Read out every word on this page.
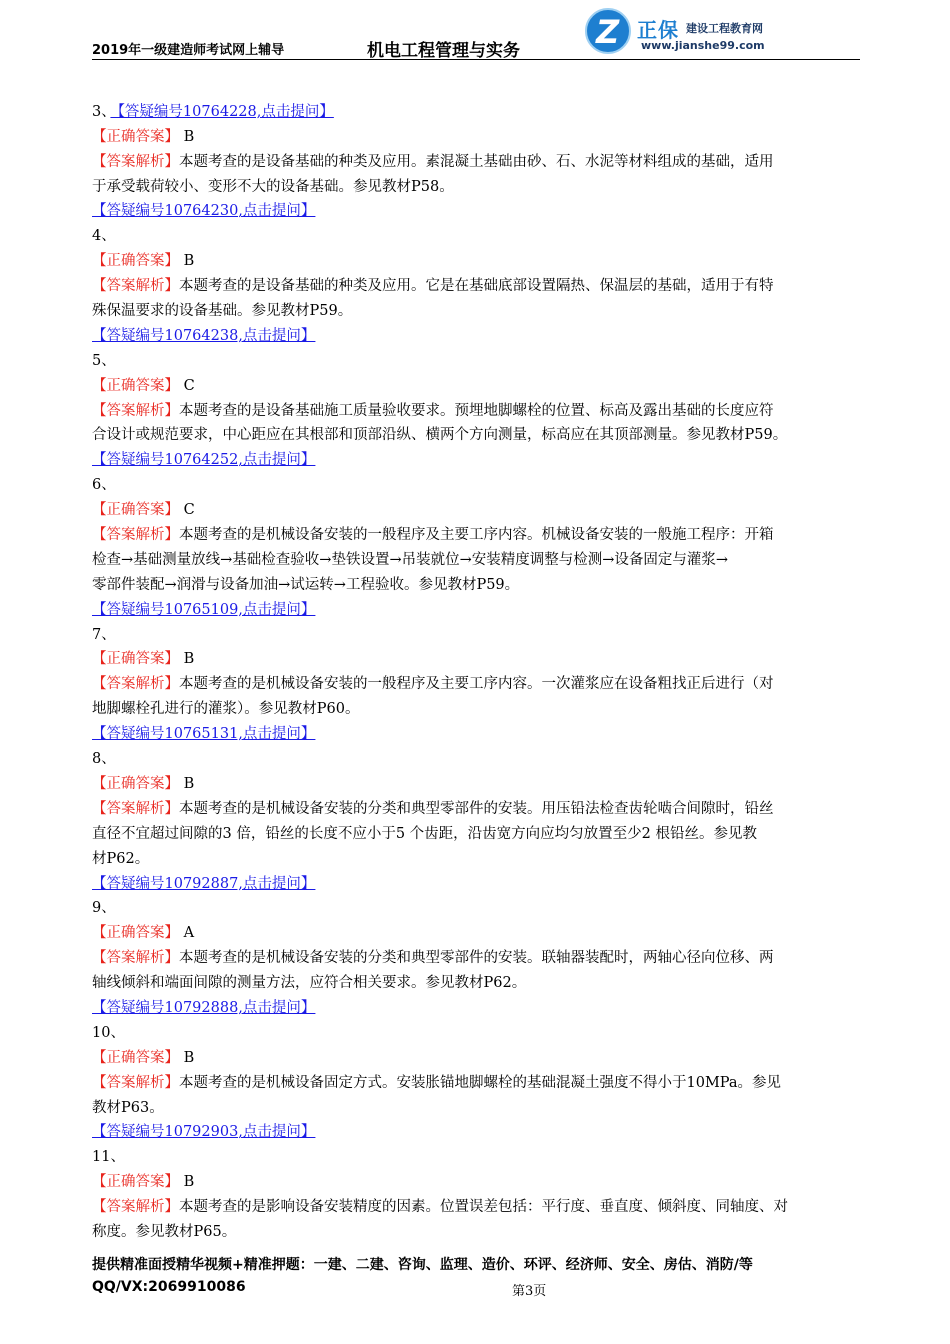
2019年一级建造师考试网上辅导	机电工程管理与实务 Z 正保 建设工程教育网
www.jianshe99.com

【答疑编号10764228,点击提问】

3、
【正确答案】 B
【答案解析】本题考查的是设备基础的种类及应用。素混凝土基础由砂、石、水泥等材料组成的基础，适用
于承受载荷较小、变形不大的设备基础。参见教材P58。
【答疑编号10764230,点击提问】
4、
【正确答案】 B
【答案解析】本题考查的是设备基础的种类及应用。它是在基础底部设置隔热、保温层的基础，适用于有特
殊保温要求的设备基础。参见教材P59。
【答疑编号10764238,点击提问】
5、
【正确答案】 C
【答案解析】本题考查的是设备基础施工质量验收要求。预埋地脚螺栓的位置、标高及露出基础的长度应符
合设计或规范要求，中心距应在其根部和顶部沿纵、横两个方向测量，标高应在其顶部测量。参见教材P59。
【答疑编号10764252,点击提问】
6、
【正确答案】 C
【答案解析】本题考查的是机械设备安装的一般程序及主要工序内容。机械设备安装的一般施工程序：开箱
检查→基础测量放线→基础检查验收→垫铁设置→吊装就位→安装精度调整与检测→设备固定与灌浆→
零部件装配→润滑与设备加油→试运转→工程验收。参见教材P59。
【答疑编号10765109,点击提问】
7、
【正确答案】 B
【答案解析】本题考查的是机械设备安装的一般程序及主要工序内容。一次灌浆应在设备粗找正后进行（对
地脚螺栓孔进行的灌浆）。参见教材P60。
【答疑编号10765131,点击提问】
8、
【正确答案】 B
【答案解析】本题考查的是机械设备安装的分类和典型零部件的安装。用压铅法检查齿轮啮合间隙时，铅丝
直径不宜超过间隙的3 倍，铅丝的长度不应小于5 个齿距，沿齿宽方向应均匀放置至少2 根铅丝。参见教
材P62。
【答疑编号10792887,点击提问】
9、
【正确答案】 A
【答案解析】本题考查的是机械设备安装的分类和典型零部件的安装。联轴器装配时，两轴心径向位移、两
轴线倾斜和端面间隙的测量方法，应符合相关要求。参见教材P62。
【答疑编号10792888,点击提问】
10、
【正确答案】 B
【答案解析】本题考查的是机械设备固定方式。安装胀锚地脚螺栓的基础混凝土强度不得小于10MPa。参见
教材P63。
【答疑编号10792903,点击提问】
11、
【正确答案】 B
【答案解析】本题考查的是影响设备安装精度的因素。位置误差包括：平行度、垂直度、倾斜度、同轴度、对
称度。参见教材P65。
提供精准面授精华视频+精准押题：一建、二建、咨询、监理、造价、环评、经济师、安全、房估、消防/等
QQ/VX:2069910086	第3页
